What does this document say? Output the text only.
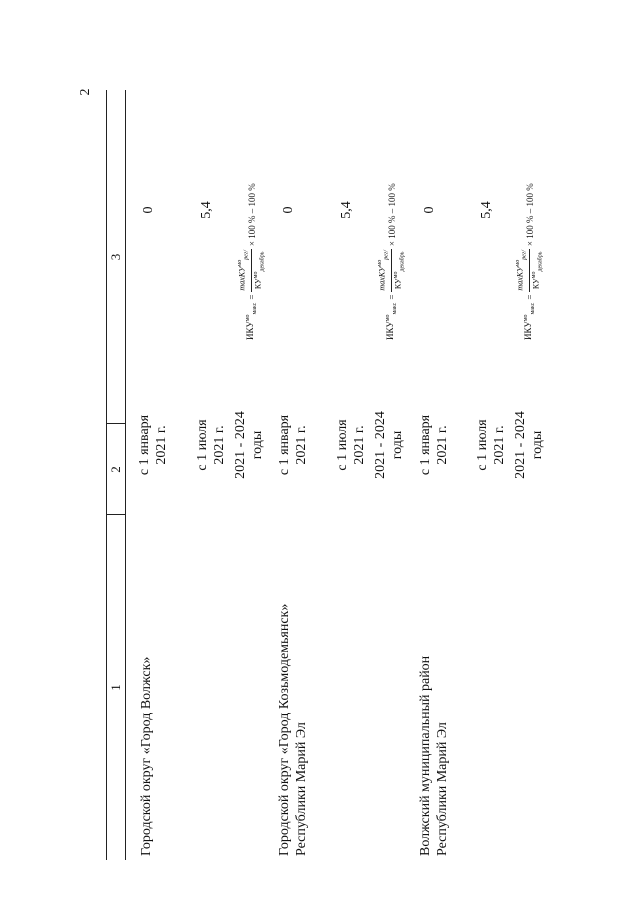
2
1
2
3
Городской округ «Город Волжск»
с 1 января 2021 г.
0
с 1 июля 2021 г.
5,4
2021 - 2024 годы
$ИКУ^{мо}_{макс}$
=
maxКУ$^{мо}_{рег/}$
$КУ^{мо}_{декабрь}$
× 100 % – 100 %
Городской округ «Город Козьмодемьянск» Республики Марий Эл
с 1 января 2021 г.
0
с 1 июля 2021 г.
5,4
2021 - 2024 годы
$ИКУ^{мо}_{макс}$
=
maxКУ$^{мо}_{рег/}$
$КУ^{мо}_{декабрь}$
× 100 % – 100 %
Волжский муниципальный район Республики Марий Эл
с 1 января 2021 г.
0
с 1 июля 2021 г.
5,4
2021 - 2024 годы
$ИКУ^{мо}_{макс}$
=
maxКУ$^{мо}_{рег/}$
$КУ^{мо}_{декабрь}$
× 100 % – 100 %
